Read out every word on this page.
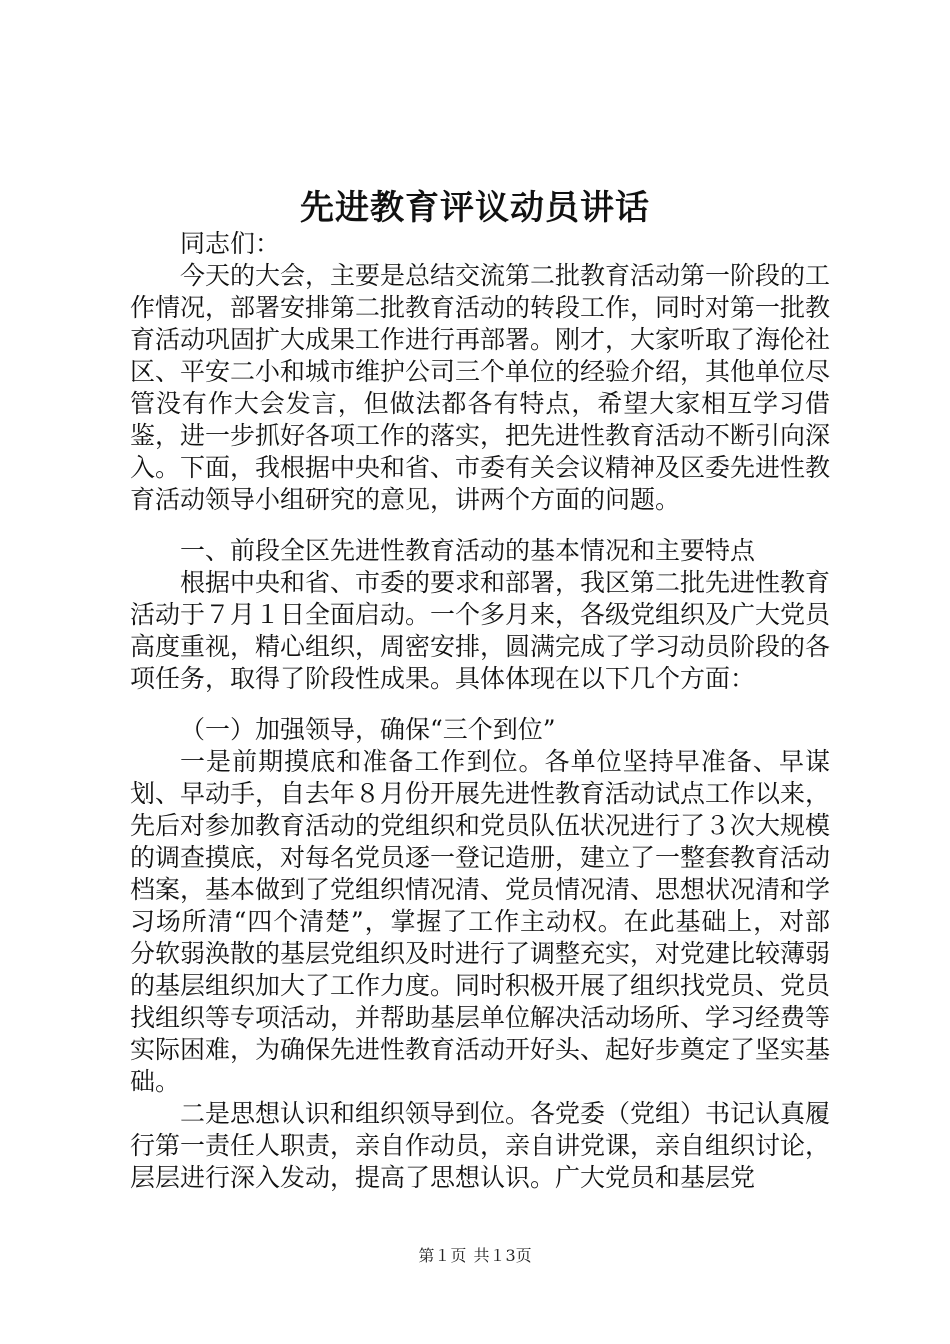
先进教育评议动员讲话

同志们：

今天的大会，主要是总结交流第二批教育活动第一阶段的工作情况，部署安排第二批教育活动的转段工作，同时对第一批教育活动巩固扩大成果工作进行再部署。刚才，大家听取了海伦社区、平安二小和城市维护公司三个单位的经验介绍，其他单位尽管没有作大会发言，但做法都各有特点，希望大家相互学习借鉴，进一步抓好各项工作的落实，把先进性教育活动不断引向深入。下面，我根据中央和省、市委有关会议精神及区委先进性教育活动领导小组研究的意见，讲两个方面的问题。

一、前段全区先进性教育活动的基本情况和主要特点

根据中央和省、市委的要求和部署，我区第二批先进性教育活动于７月１日全面启动。一个多月来，各级党组织及广大党员高度重视，精心组织，周密安排，圆满完成了学习动员阶段的各项任务，取得了阶段性成果。具体体现在以下几个方面：

（一）加强领导，确保“三个到位”

一是前期摸底和准备工作到位。各单位坚持早准备、早谋划、早动手，自去年８月份开展先进性教育活动试点工作以来，先后对参加教育活动的党组织和党员队伍状况进行了３次大规模的调查摸底，对每名党员逐一登记造册，建立了一整套教育活动档案，基本做到了党组织情况清、党员情况清、思想状况清和学习场所清“四个清楚”，掌握了工作主动权。在此基础上，对部分软弱涣散的基层党组织及时进行了调整充实，对党建比较薄弱的基层组织加大了工作力度。同时积极开展了组织找党员、党员找组织等专项活动，并帮助基层单位解决活动场所、学习经费等实际困难，为确保先进性教育活动开好头、起好步奠定了坚实基础。

二是思想认识和组织领导到位。各党委（党组）书记认真履行第一责任人职责，亲自作动员，亲自讲党课，亲自组织讨论，层层进行深入发动，提高了思想认识。广大党员和基层党

第１页 共１3页
